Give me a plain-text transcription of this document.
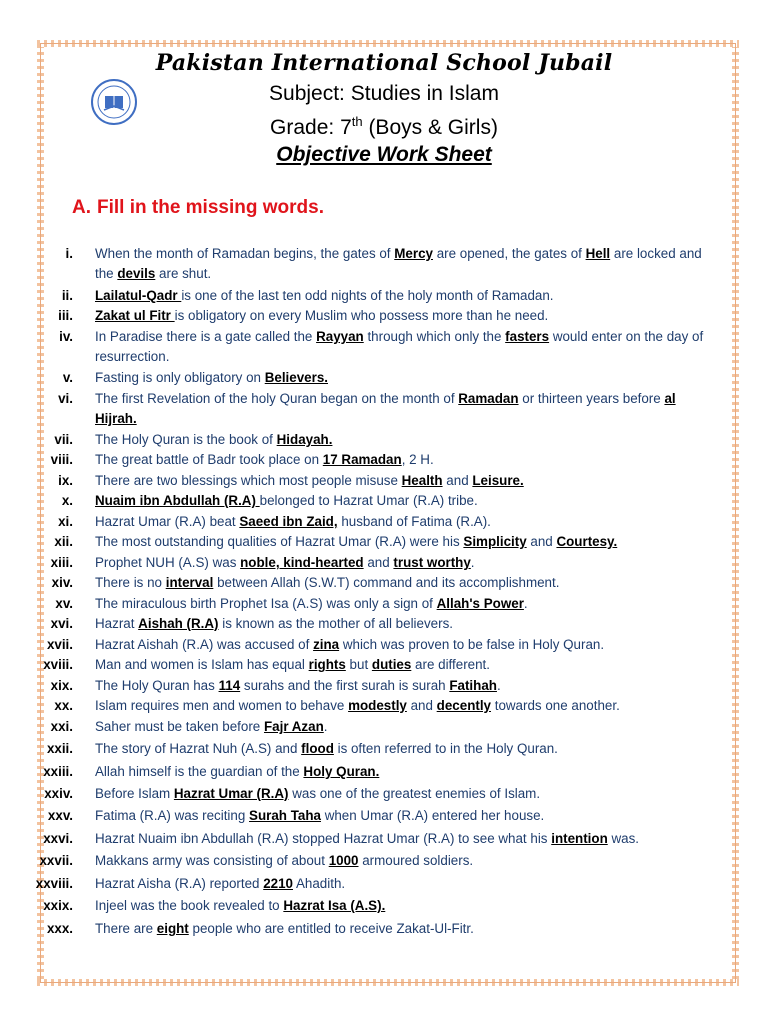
Pakistan International School Jubail
Subject: Studies in Islam
Grade: 7th (Boys & Girls)
Objective Work Sheet
A. Fill in the missing words.
i. When the month of Ramadan begins, the gates of Mercy are opened, the gates of Hell are locked and the devils are shut.
ii. Lailatul-Qadr is one of the last ten odd nights of the holy month of Ramadan.
iii. Zakat ul Fitr is obligatory on every Muslim who possess more than he need.
iv. In Paradise there is a gate called the Rayyan through which only the fasters would enter on the day of resurrection.
v. Fasting is only obligatory on Believers.
vi. The first Revelation of the holy Quran began on the month of Ramadan or thirteen years before al Hijrah.
vii. The Holy Quran is the book of Hidayah.
viii. The great battle of Badr took place on 17 Ramadan, 2 H.
ix. There are two blessings which most people misuse Health and Leisure.
x. Nuaim ibn Abdullah (R.A) belonged to Hazrat Umar (R.A) tribe.
xi. Hazrat Umar (R.A) beat Saeed ibn Zaid, husband of Fatima (R.A).
xii. The most outstanding qualities of Hazrat Umar (R.A) were his Simplicity and Courtesy.
xiii. Prophet NUH (A.S) was noble, kind-hearted and trust worthy.
xiv. There is no interval between Allah (S.W.T) command and its accomplishment.
xv. The miraculous birth Prophet Isa (A.S) was only a sign of Allah's Power.
xvi. Hazrat Aishah (R.A) is known as the mother of all believers.
xvii. Hazrat Aishah (R.A) was accused of zina which was proven to be false in Holy Quran.
xviii. Man and women is Islam has equal rights but duties are different.
xix. The Holy Quran has 114 surahs and the first surah is surah Fatihah.
xx. Islam requires men and women to behave modestly and decently towards one another.
xxi. Saher must be taken before Fajr Azan.
xxii. The story of Hazrat Nuh (A.S) and flood is often referred to in the Holy Quran.
xxiii. Allah himself is the guardian of the Holy Quran.
xxiv. Before Islam Hazrat Umar (R.A) was one of the greatest enemies of Islam.
xxv. Fatima (R.A) was reciting Surah Taha when Umar (R.A) entered her house.
xxvi. Hazrat Nuaim ibn Abdullah (R.A) stopped Hazrat Umar (R.A) to see what his intention was.
xxvii. Makkans army was consisting of about 1000 armoured soldiers.
xxviii. Hazrat Aisha (R.A) reported 2210 Ahadith.
xxix. Injeel was the book revealed to Hazrat Isa (A.S).
xxx. There are eight people who are entitled to receive Zakat-Ul-Fitr.
